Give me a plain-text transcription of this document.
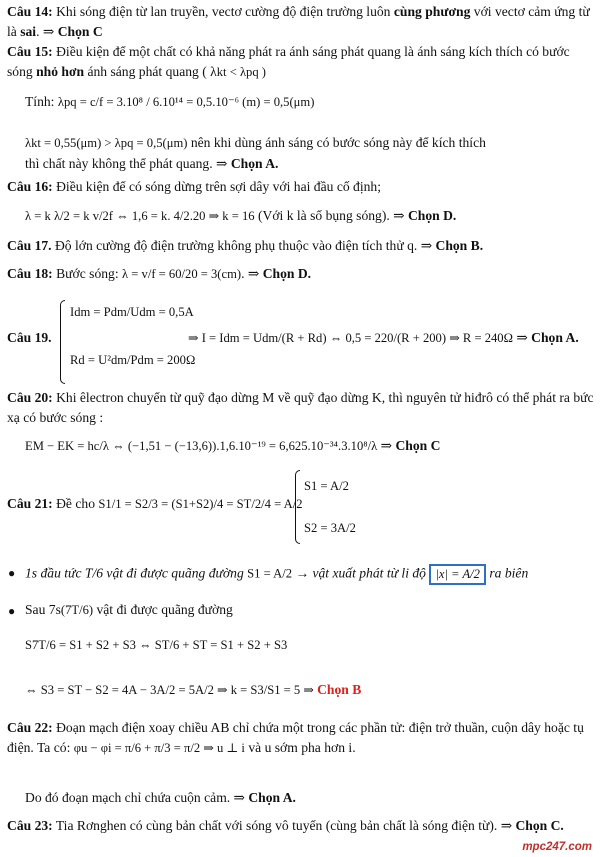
Câu 14: Khi sóng điện từ lan truyền, vectơ cường độ điện trường luôn cùng phương với vectơ cảm ứng từ là sai. ⇒ Chọn C
Câu 15: Điều kiện để một chất có khả năng phát ra ánh sáng phát quang là ánh sáng kích thích có bước sóng nhỏ hơn ánh sáng phát quang ( λkt < λpq )
Tính: λpq = c/f = 3.10⁸ / 6.10¹⁴ = 0,5.10⁻⁶ (m) = 0,5(μm)
λkt = 0,55(μm) > λpq = 0,5(μm) nên khi dùng ánh sáng có bước sóng này để kích thích
thì chất này không thể phát quang. ⇒ Chọn A.
Câu 16: Điều kiện để có sóng dừng trên sợi dây với hai đầu cố định;
λ = k λ/2 = k v/2f ⇔ 1,6 = k. 4/2.20 ⇒ k = 16 (Với k là số bụng sóng). ⇒ Chọn D.
Câu 17. Độ lớn cường độ điện trường không phụ thuộc vào điện tích thử q. ⇒ Chọn B.
Câu 18: Bước sóng: λ = v/f = 60/20 = 3(cm). ⇒ Chọn D.
Câu 19.
Idm = Pdm/Udm = 0,5A
Rd = U²dm/Pdm = 200Ω
⇒ I = Idm = Udm/(R + Rd) ⇔ 0,5 = 220/(R + 200) ⇒ R = 240Ω ⇒ Chọn A.
Câu 20: Khi êlectron chuyển từ quỹ đạo dừng M về quỹ đạo dừng K, thì nguyên tử hiđrô có thể phát ra bức xạ có bước sóng :
EM − EK = hc/λ ⇔ (−1,51 − (−13,6)).1,6.10⁻¹⁹ = 6,625.10⁻³⁴.3.10⁸/λ ⇒ Chọn C
Câu 21: Đề cho S1/1 = S2/3 = (S1+S2)/4 = ST/2/4 = A/2
S1 = A/2
S2 = 3A/2
● 1s đầu tức T/6 vật đi được quãng đường S1 = A/2 → vật xuất phát từ li độ |x| = A/2 ra biên
● Sau 7s(7T/6) vật đi được quãng đường
S7T/6 = S1 + S2 + S3 ⇔ ST/6 + ST = S1 + S2 + S3
⇔ S3 = ST − S2 = 4A − 3A/2 = 5A/2 ⇒ k = S3/S1 = 5 ⇒ Chọn B
Câu 22: Đoạn mạch điện xoay chiều AB chỉ chứa một trong các phần tử: điện trở thuần, cuộn dây hoặc tụ điện. Ta có: φu − φi = π/6 + π/3 = π/2 ⇒ u ⊥ i và u sớm pha hơn i.
Do đó đoạn mạch chỉ chứa cuộn cảm. ⇒ Chọn A.
Câu 23: Tia Rơnghen có cùng bản chất với sóng vô tuyến (cùng bản chất là sóng điện từ). ⇒ Chọn C.
mpc247.com
